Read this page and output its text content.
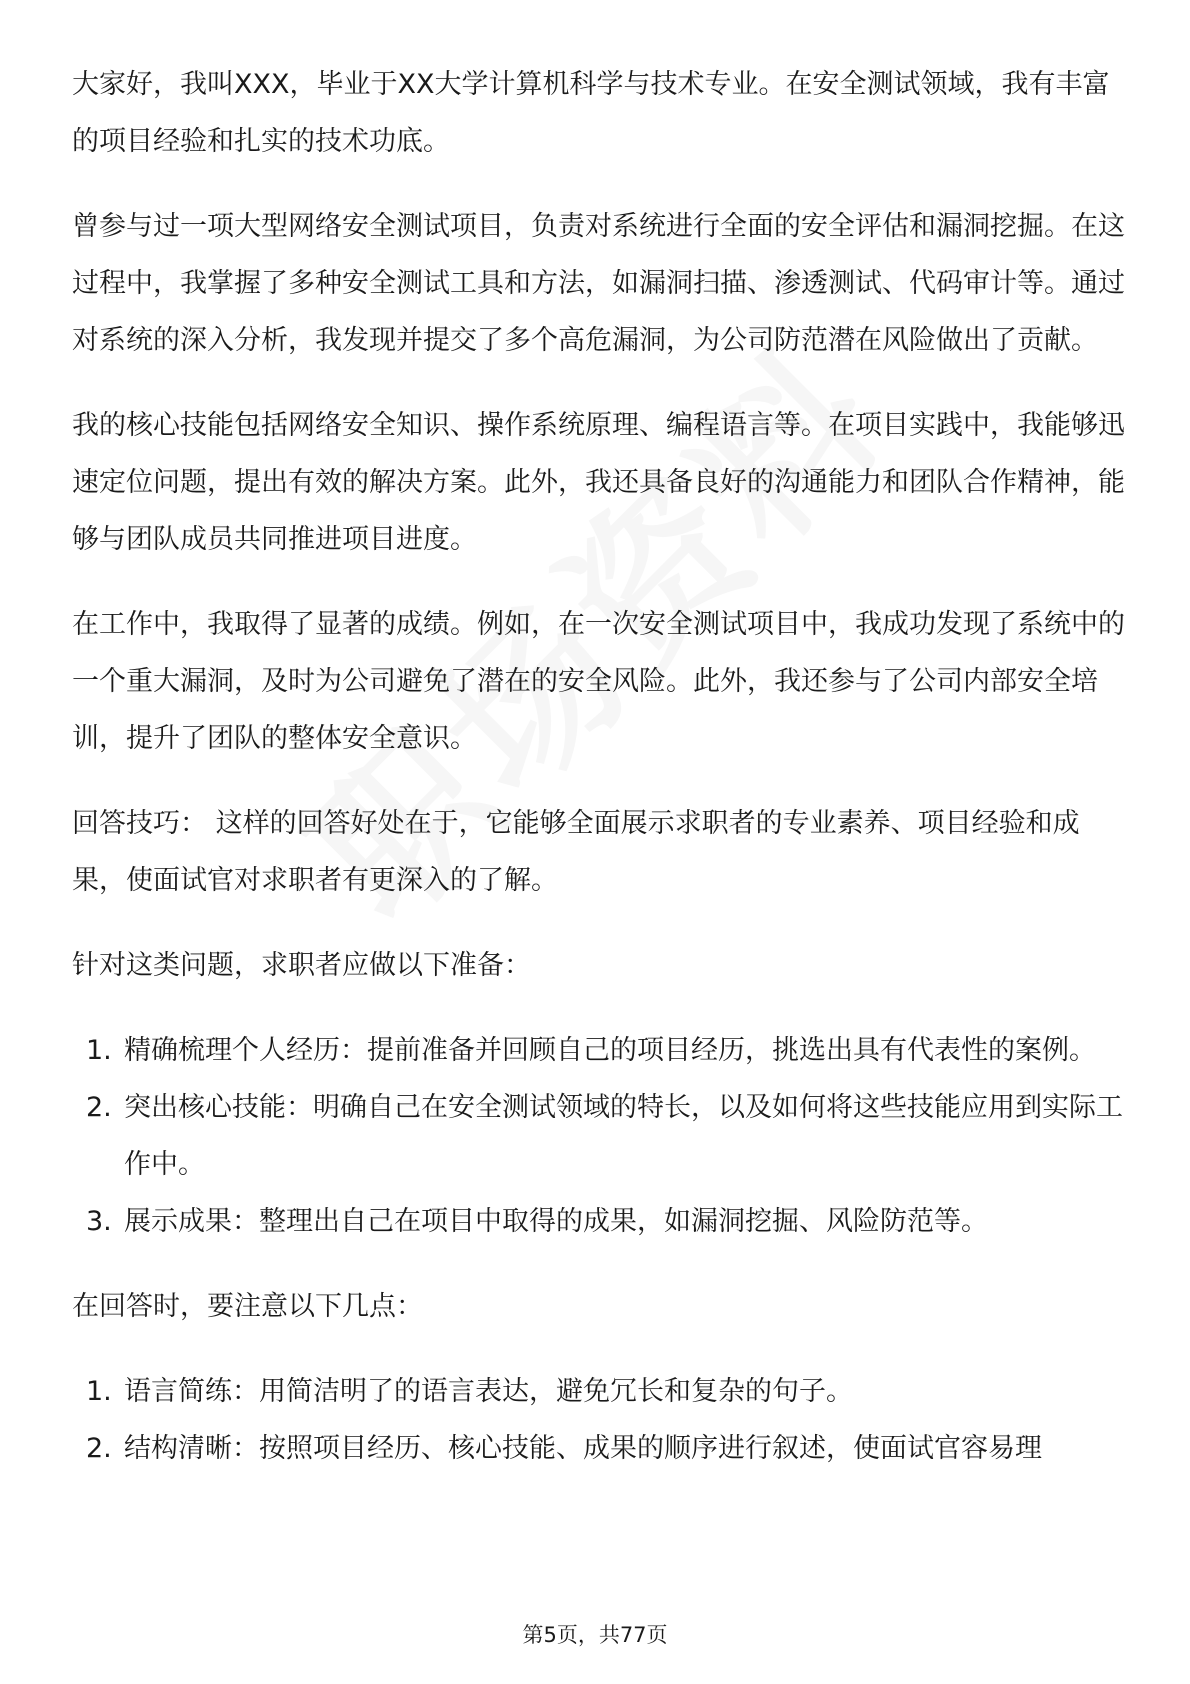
大家好，我叫XXX，毕业于XX大学计算机科学与技术专业。在安全测试领域，我有丰富的项目经验和扎实的技术功底。

曾参与过一项大型网络安全测试项目，负责对系统进行全面的安全评估和漏洞挖掘。在这过程中，我掌握了多种安全测试工具和方法，如漏洞扫描、渗透测试、代码审计等。通过对系统的深入分析，我发现并提交了多个高危漏洞，为公司防范潜在风险做出了贡献。

我的核心技能包括网络安全知识、操作系统原理、编程语言等。在项目实践中，我能够迅速定位问题，提出有效的解决方案。此外，我还具备良好的沟通能力和团队合作精神，能够与团队成员共同推进项目进度。

在工作中，我取得了显著的成绩。例如，在一次安全测试项目中，我成功发现了系统中的一个重大漏洞，及时为公司避免了潜在的安全风险。此外，我还参与了公司内部安全培训，提升了团队的整体安全意识。

回答技巧： 这样的回答好处在于，它能够全面展示求职者的专业素养、项目经验和成果，使面试官对求职者有更深入的了解。

针对这类问题，求职者应做以下准备：

1. 精确梳理个人经历：提前准备并回顾自己的项目经历，挑选出具有代表性的案例。
2. 突出核心技能：明确自己在安全测试领域的特长，以及如何将这些技能应用到实际工作中。
3. 展示成果：整理出自己在项目中取得的成果，如漏洞挖掘、风险防范等。

在回答时，要注意以下几点：

1. 语言简练：用简洁明了的语言表达，避免冗长和复杂的句子。
2. 结构清晰：按照项目经历、核心技能、成果的顺序进行叙述，使面试官容易理
第5页，共77页
